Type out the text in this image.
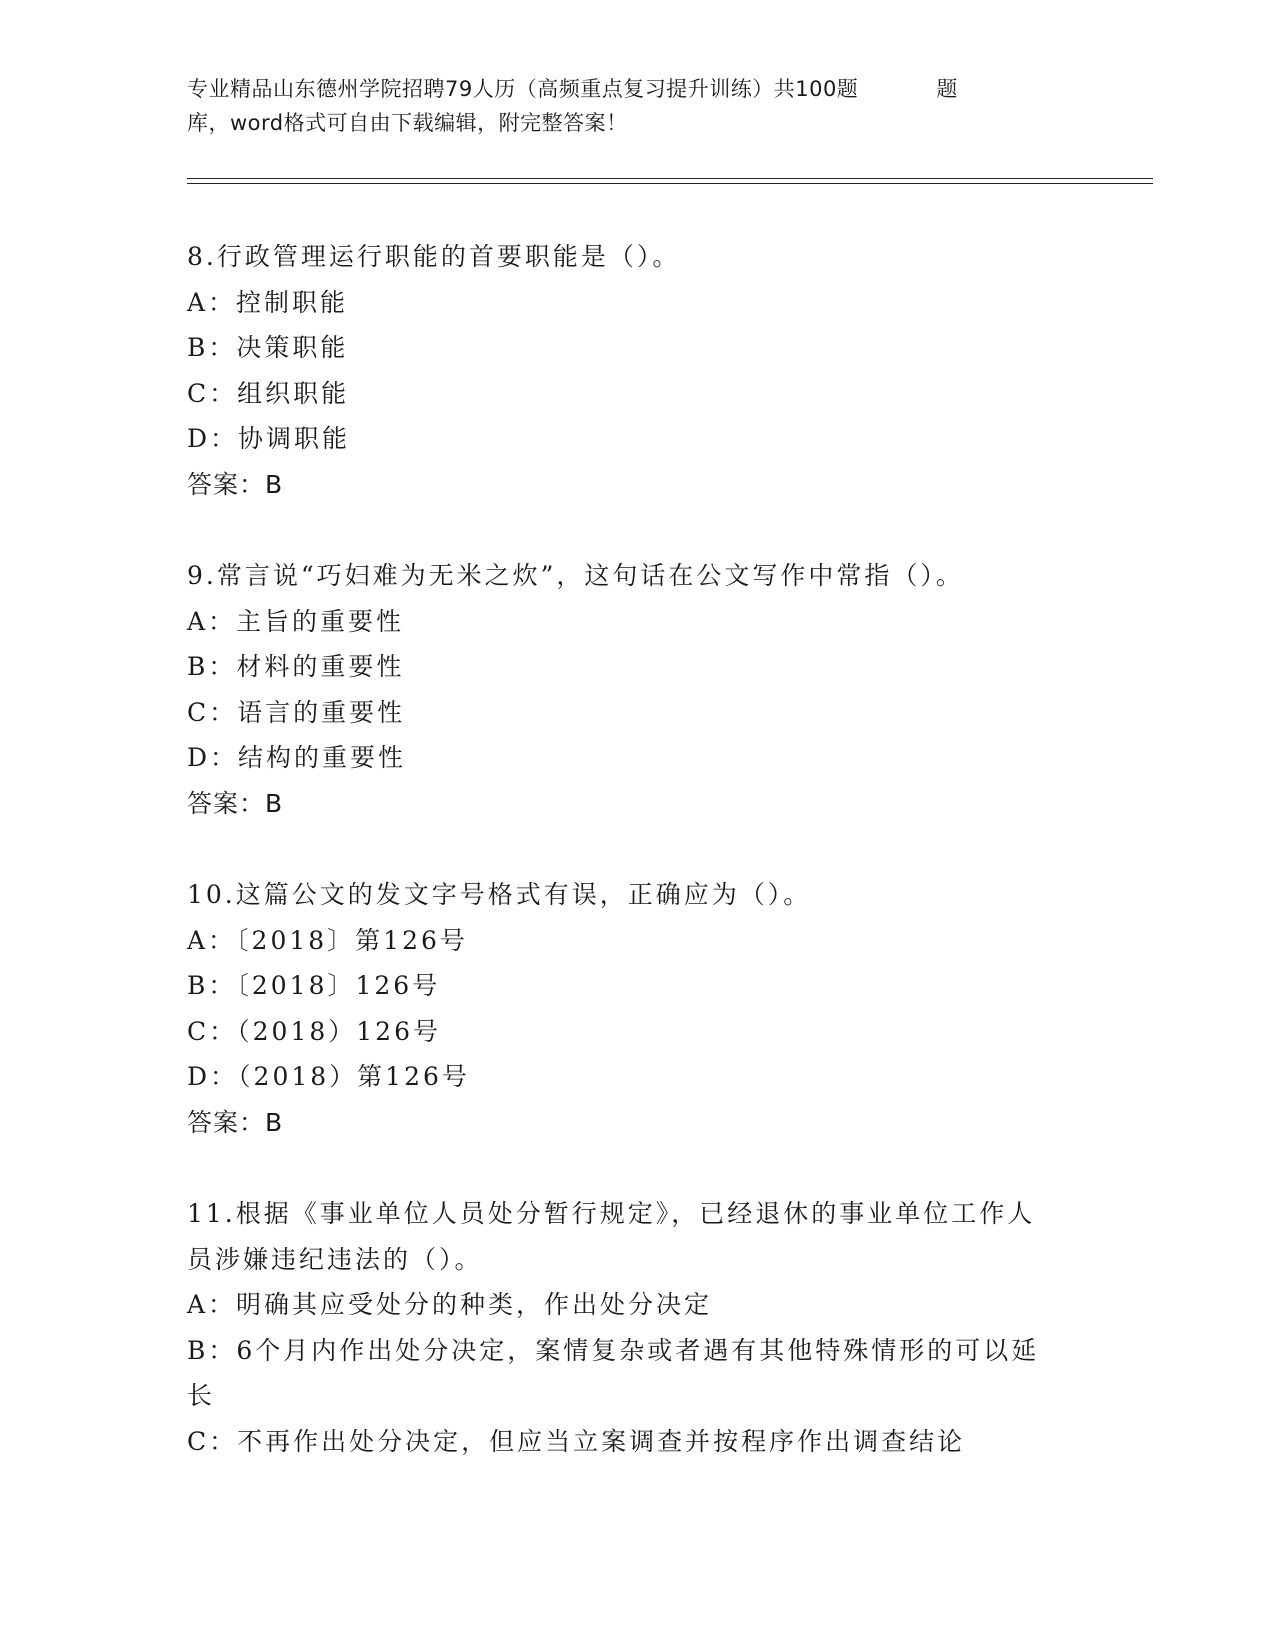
专业精品山东德州学院招聘79人历（高频重点复习提升训练）共100题	题
库，word格式可自由下载编辑，附完整答案！
8.行政管理运行职能的首要职能是（）。
A：控制职能
B：决策职能
C：组织职能
D：协调职能
答案：B
9.常言说“巧妇难为无米之炊”，这句话在公文写作中常指（）。
A：主旨的重要性
B：材料的重要性
C：语言的重要性
D：结构的重要性
答案：B
10.这篇公文的发文字号格式有误，正确应为（）。
A：〔2018〕第126号
B：〔2018〕126号
C：（2018）126号
D：（2018）第126号
答案：B
11.根据《事业单位人员处分暂行规定》，已经退休的事业单位工作人
员涉嫌违纪违法的（）。
A：明确其应受处分的种类，作出处分决定
B：6个月内作出处分决定，案情复杂或者遇有其他特殊情形的可以延
长
C：不再作出处分决定，但应当立案调查并按程序作出调查结论
